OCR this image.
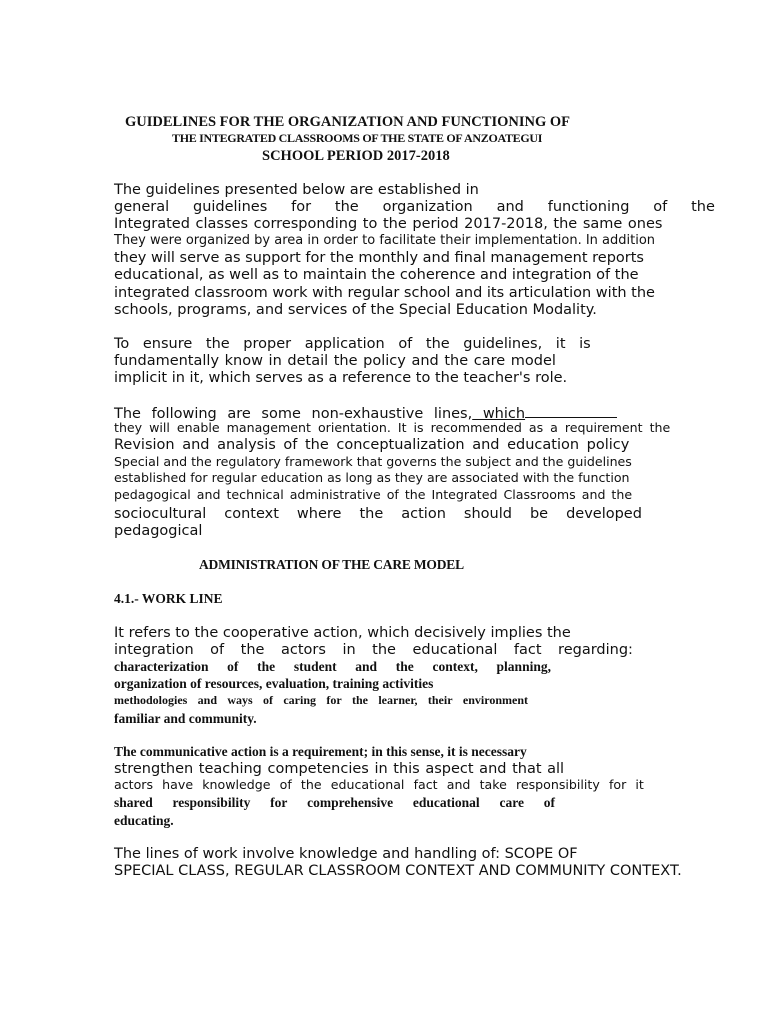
GUIDELINES FOR THE ORGANIZATION AND FUNCTIONING OF
THE INTEGRATED CLASSROOMS OF THE STATE OF ANZOATEGUI
SCHOOL PERIOD 2017-2018
The guidelines presented below are established in
general guidelines for the organization and functioning of the
Integrated classes corresponding to the period 2017-2018, the same ones
They were organized by area in order to facilitate their implementation. In addition
they will serve as support for the monthly and final management reports
educational, as well as to maintain the coherence and integration of the
integrated classroom work with regular school and its articulation with the
schools, programs, and services of the Special Education Modality.
To ensure the proper application of the guidelines, it is
fundamentally know in detail the policy and the care model
implicit in it, which serves as a reference to the teacher's role.
The following are some non-exhaustive lines, which
they will enable management orientation. It is recommended as a requirement the
Revision and analysis of the conceptualization and education policy
Special and the regulatory framework that governs the subject and the guidelines
established for regular education as long as they are associated with the function
pedagogical and technical administrative of the Integrated Classrooms and the
sociocultural context where the action should be developed
pedagogical
ADMINISTRATION OF THE CARE MODEL
4.1.- WORK LINE
It refers to the cooperative action, which decisively implies the
integration of the actors in the educational fact regarding:
characterization of the student and the context, planning,
organization of resources, evaluation, training activities
methodologies and ways of caring for the learner, their environment
familiar and community.
The communicative action is a requirement; in this sense, it is necessary
strengthen teaching competencies in this aspect and that all
actors have knowledge of the educational fact and take responsibility for it
shared responsibility for comprehensive educational care of
educating.
The lines of work involve knowledge and handling of: SCOPE OF
SPECIAL CLASS, REGULAR CLASSROOM CONTEXT AND COMMUNITY CONTEXT.
